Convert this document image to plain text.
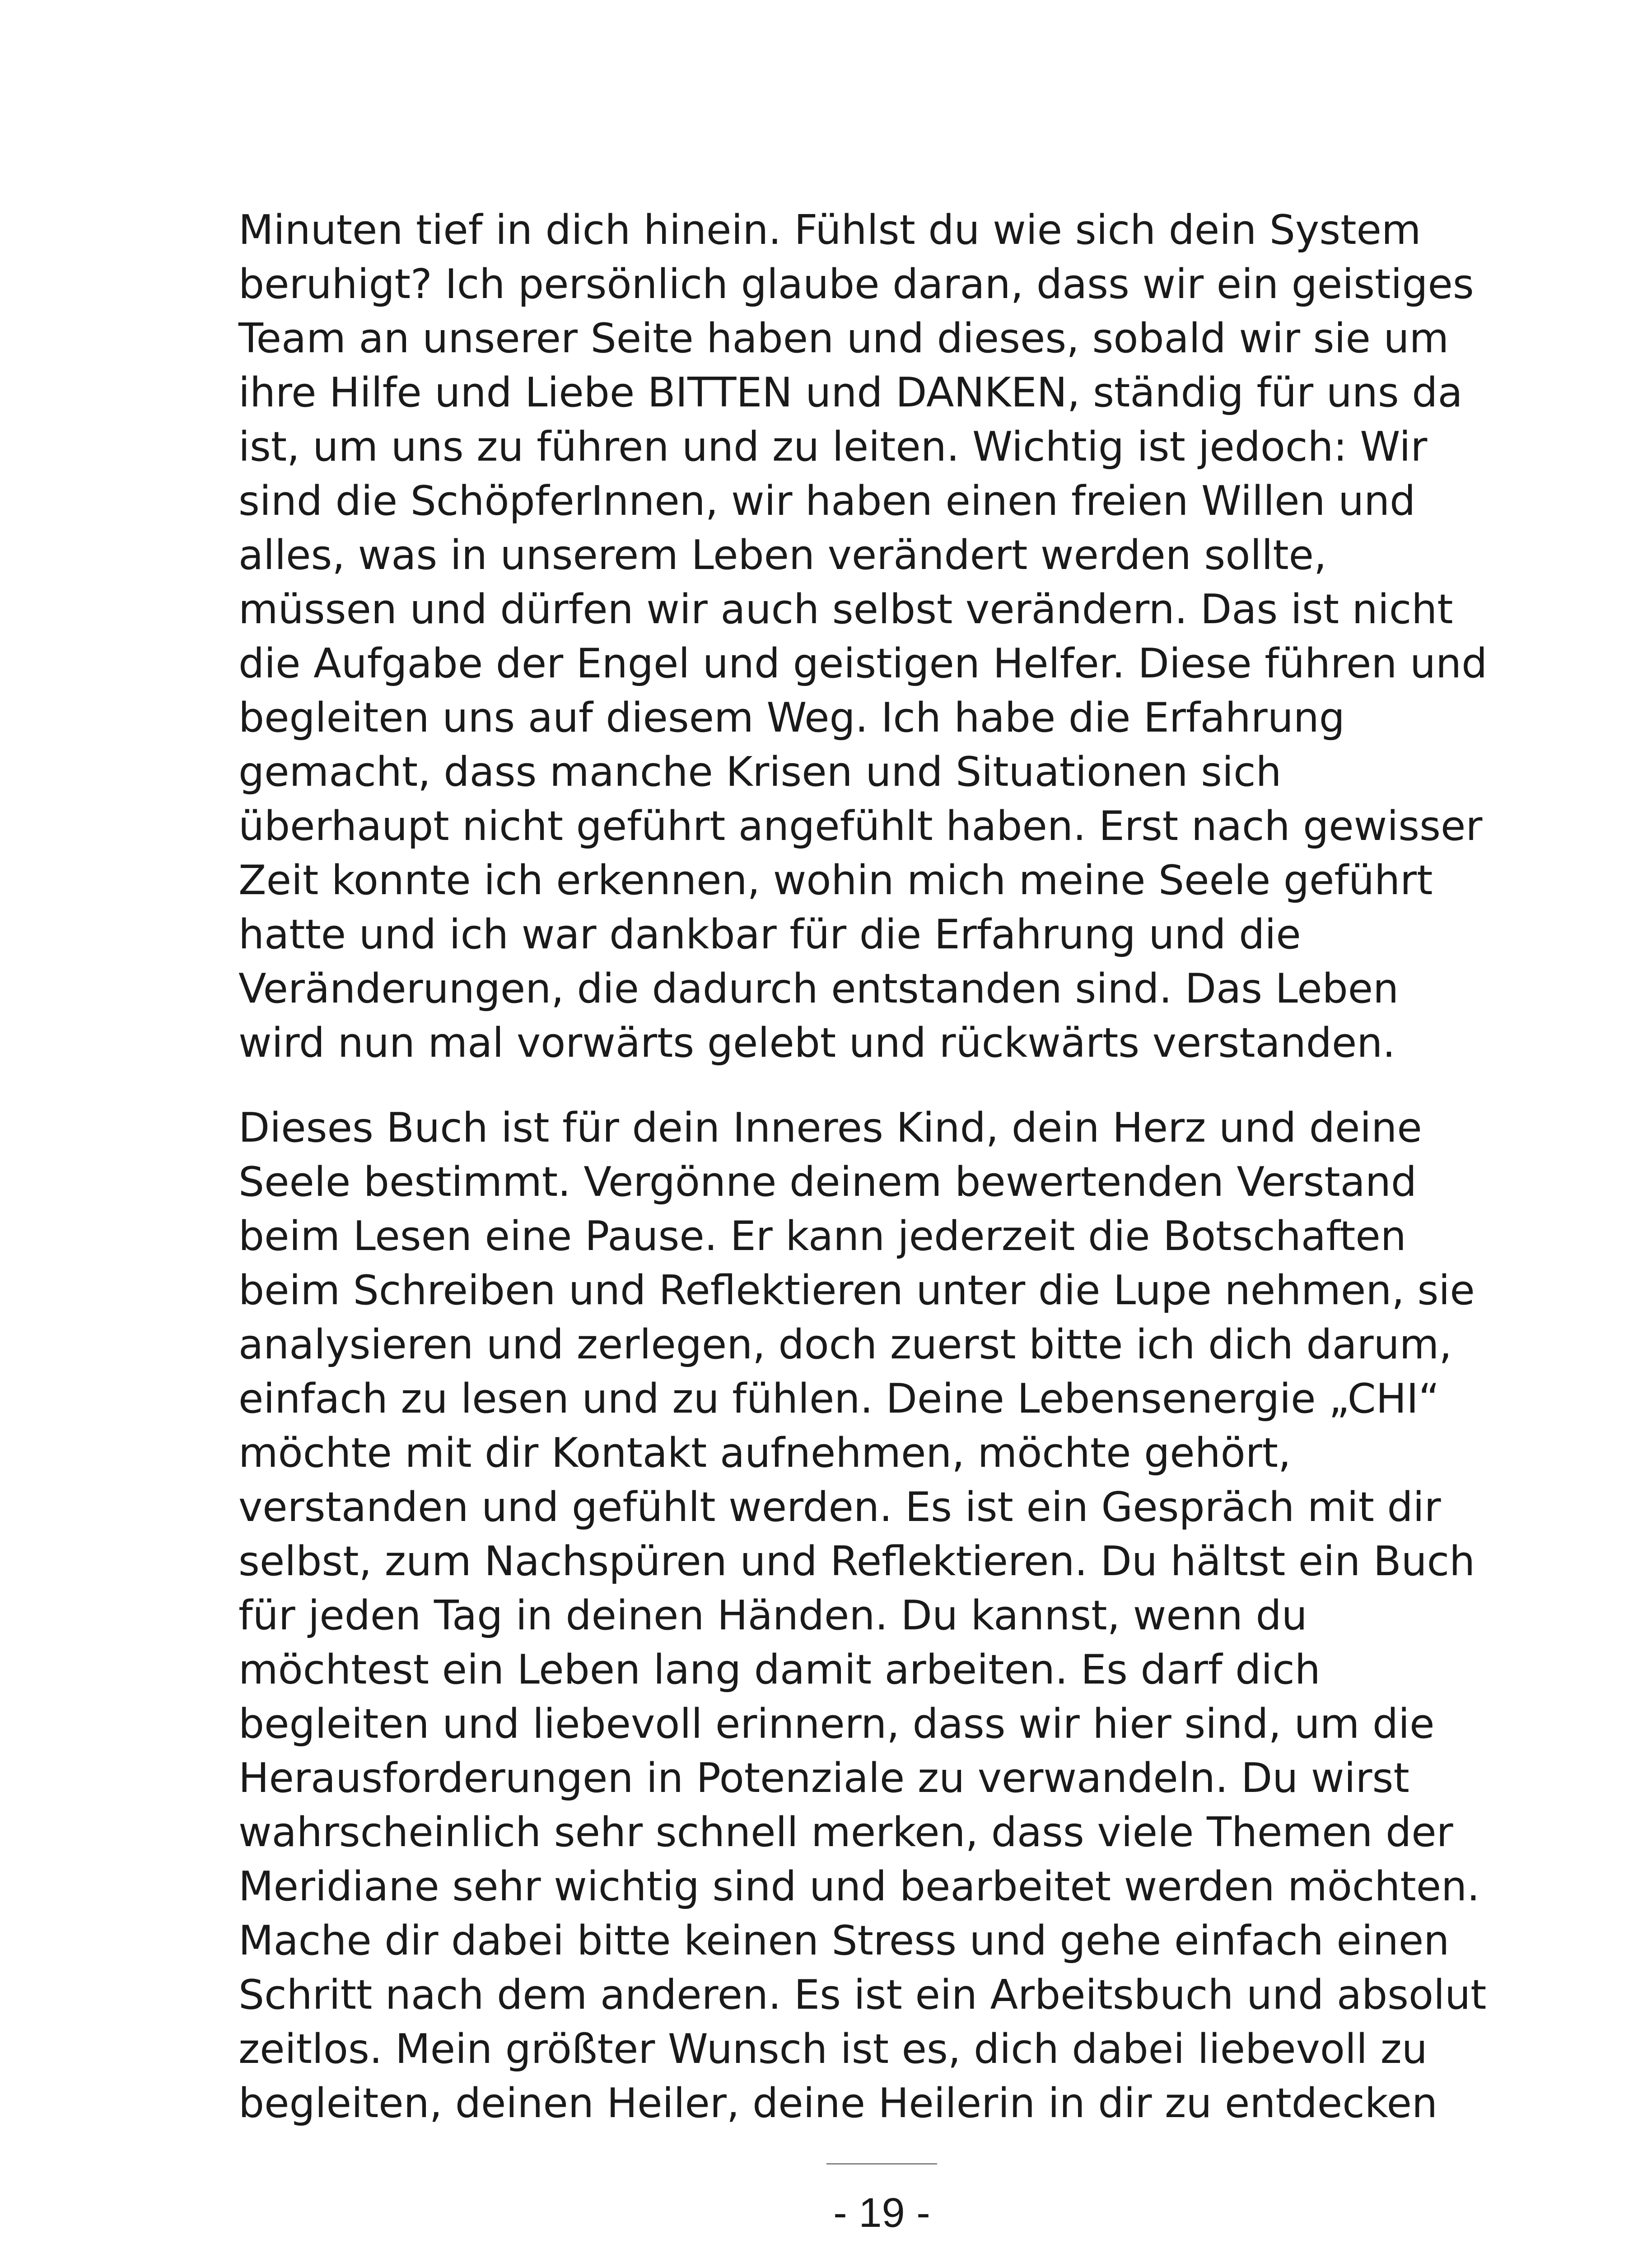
Minuten tief in dich hinein. Fühlst du wie sich dein System
beruhigt? Ich persönlich glaube daran, dass wir ein geistiges
Team an unserer Seite haben und dieses, sobald wir sie um
ihre Hilfe und Liebe BITTEN und DANKEN, ständig für uns da
ist, um uns zu führen und zu leiten. Wichtig ist jedoch: Wir
sind die SchöpferInnen, wir haben einen freien Willen und
alles, was in unserem Leben verändert werden sollte,
müssen und dürfen wir auch selbst verändern. Das ist nicht
die Aufgabe der Engel und geistigen Helfer. Diese führen und
begleiten uns auf diesem Weg. Ich habe die Erfahrung
gemacht, dass manche Krisen und Situationen sich
überhaupt nicht geführt angefühlt haben. Erst nach gewisser
Zeit konnte ich erkennen, wohin mich meine Seele geführt
hatte und ich war dankbar für die Erfahrung und die
Veränderungen, die dadurch entstanden sind. Das Leben
wird nun mal vorwärts gelebt und rückwärts verstanden.
Dieses Buch ist für dein Inneres Kind, dein Herz und deine
Seele bestimmt. Vergönne deinem bewertenden Verstand
beim Lesen eine Pause. Er kann jederzeit die Botschaften
beim Schreiben und Reflektieren unter die Lupe nehmen, sie
analysieren und zerlegen, doch zuerst bitte ich dich darum,
einfach zu lesen und zu fühlen. Deine Lebensenergie „CHI“
möchte mit dir Kontakt aufnehmen, möchte gehört,
verstanden und gefühlt werden. Es ist ein Gespräch mit dir
selbst, zum Nachspüren und Reflektieren. Du hältst ein Buch
für jeden Tag in deinen Händen. Du kannst, wenn du
möchtest ein Leben lang damit arbeiten. Es darf dich
begleiten und liebevoll erinnern, dass wir hier sind, um die
Herausforderungen in Potenziale zu verwandeln. Du wirst
wahrscheinlich sehr schnell merken, dass viele Themen der
Meridiane sehr wichtig sind und bearbeitet werden möchten.
Mache dir dabei bitte keinen Stress und gehe einfach einen
Schritt nach dem anderen. Es ist ein Arbeitsbuch und absolut
zeitlos. Mein größter Wunsch ist es, dich dabei liebevoll zu
begleiten, deinen Heiler, deine Heilerin in dir zu entdecken
- 19 -
